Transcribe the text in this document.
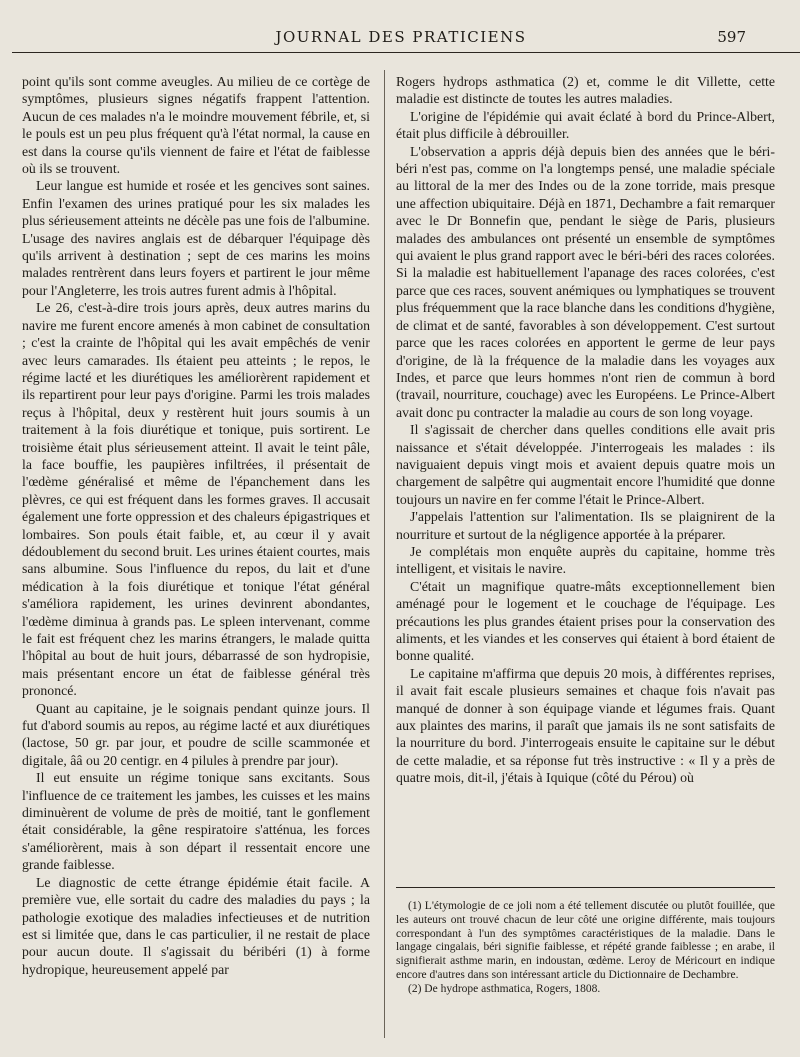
JOURNAL DES PRATICIENS	597

point qu'ils sont comme aveugles. Au milieu de ce cortège de symptômes, plusieurs signes négatifs frappent l'attention. Aucun de ces malades n'a le moindre mouvement fébrile, et, si le pouls est un peu plus fréquent qu'à l'état normal, la cause en est dans la course qu'ils viennent de faire et l'état de faiblesse où ils se trouvent.

Leur langue est humide et rosée et les gencives sont saines. Enfin l'examen des urines pratiqué pour les six malades les plus sérieusement atteints ne décèle pas une fois de l'albumine. L'usage des navires anglais est de débarquer l'équipage dès qu'ils arrivent à destination ; sept de ces marins les moins malades rentrèrent dans leurs foyers et partirent le jour même pour l'Angleterre, les trois autres furent admis à l'hôpital.

Le 26, c'est-à-dire trois jours après, deux autres marins du navire me furent encore amenés à mon cabinet de consultation ; c'est la crainte de l'hôpital qui les avait empêchés de venir avec leurs camarades. Ils étaient peu atteints ; le repos, le régime lacté et les diurétiques les améliorèrent rapidement et ils repartirent pour leur pays d'origine. Parmi les trois malades reçus à l'hôpital, deux y restèrent huit jours soumis à un traitement à la fois diurétique et tonique, puis sortirent. Le troisième était plus sérieusement atteint. Il avait le teint pâle, la face bouffie, les paupières infiltrées, il présentait de l'œdème généralisé et même de l'épanchement dans les plèvres, ce qui est fréquent dans les formes graves. Il accusait également une forte oppression et des chaleurs épigastriques et lombaires. Son pouls était faible, et, au cœur il y avait dédoublement du second bruit. Les urines étaient courtes, mais sans albumine. Sous l'influence du repos, du lait et d'une médication à la fois diurétique et tonique l'état général s'améliora rapidement, les urines devinrent abondantes, l'œdème diminua à grands pas. Le spleen intervenant, comme le fait est fréquent chez les marins étrangers, le malade quitta l'hôpital au bout de huit jours, débarrassé de son hydropisie, mais présentant encore un état de faiblesse général très prononcé.

Quant au capitaine, je le soignais pendant quinze jours. Il fut d'abord soumis au repos, au régime lacté et aux diurétiques (lactose, 50 gr. par jour, et poudre de scille scammonée et digitale, ââ ou 20 centigr. en 4 pilules à prendre par jour).

Il eut ensuite un régime tonique sans excitants. Sous l'influence de ce traitement les jambes, les cuisses et les mains diminuèrent de volume de près de moitié, tant le gonflement était considérable, la gêne respiratoire s'atténua, les forces s'améliorèrent, mais à son départ il ressentait encore une grande faiblesse.

Le diagnostic de cette étrange épidémie était facile. A première vue, elle sortait du cadre des maladies du pays ; la pathologie exotique des maladies infectieuses et de nutrition est si limitée que, dans le cas particulier, il ne restait de place pour aucun doute. Il s'agissait du béribéri (1) à forme hydropique, heureusement appelé par

Rogers hydrops asthmatica (2) et, comme le dit Villette, cette maladie est distincte de toutes les autres maladies.

L'origine de l'épidémie qui avait éclaté à bord du Prince-Albert, était plus difficile à débrouiller.

L'observation a appris déjà depuis bien des années que le béri-béri n'est pas, comme on l'a longtemps pensé, une maladie spéciale au littoral de la mer des Indes ou de la zone torride, mais presque une affection ubiquitaire. Déjà en 1871, Dechambre a fait remarquer avec le Dr Bonnefin que, pendant le siège de Paris, plusieurs malades des ambulances ont présenté un ensemble de symptômes qui avaient le plus grand rapport avec le béri-béri des races colorées. Si la maladie est habituellement l'apanage des races colorées, c'est parce que ces races, souvent anémiques ou lymphatiques se trouvent plus fréquemment que la race blanche dans les conditions d'hygiène, de climat et de santé, favorables à son développement. C'est surtout parce que les races colorées en apportent le germe de leur pays d'origine, de là la fréquence de la maladie dans les voyages aux Indes, et parce que leurs hommes n'ont rien de commun à bord (travail, nourriture, couchage) avec les Européens. Le Prince-Albert avait donc pu contracter la maladie au cours de son long voyage.

Il s'agissait de chercher dans quelles conditions elle avait pris naissance et s'était développée. J'interrogeais les malades : ils naviguaient depuis vingt mois et avaient depuis quatre mois un chargement de salpêtre qui augmentait encore l'humidité que donne toujours un navire en fer comme l'était le Prince-Albert.

J'appelais l'attention sur l'alimentation. Ils se plaignirent de la nourriture et surtout de la négligence apportée à la préparer.

Je complétais mon enquête auprès du capitaine, homme très intelligent, et visitais le navire.

C'était un magnifique quatre-mâts exceptionnellement bien aménagé pour le logement et le couchage de l'équipage. Les précautions les plus grandes étaient prises pour la conservation des aliments, et les viandes et les conserves qui étaient à bord étaient de bonne qualité.

Le capitaine m'affirma que depuis 20 mois, à différentes reprises, il avait fait escale plusieurs semaines et chaque fois n'avait pas manqué de donner à son équipage viande et légumes frais. Quant aux plaintes des marins, il paraît que jamais ils ne sont satisfaits de la nourriture du bord. J'interrogeais ensuite le capitaine sur le début de cette maladie, et sa réponse fut très instructive : « Il y a près de quatre mois, dit-il, j'étais à Iquique (côté du Pérou) où

(1) L'étymologie de ce joli nom a été tellement discutée ou plutôt fouillée, que les auteurs ont trouvé chacun de leur côté une origine différente, mais toujours correspondant à l'un des symptômes caractéristiques de la maladie. Dans le langage cingalais, béri signifie faiblesse, et répété grande faiblesse ; en arabe, il signifierait asthme marin, en indoustan, œdème. Leroy de Méricourt en indique encore d'autres dans son intéressant article du Dictionnaire de Dechambre.

(2) De hydrope asthmatica, Rogers, 1808.
